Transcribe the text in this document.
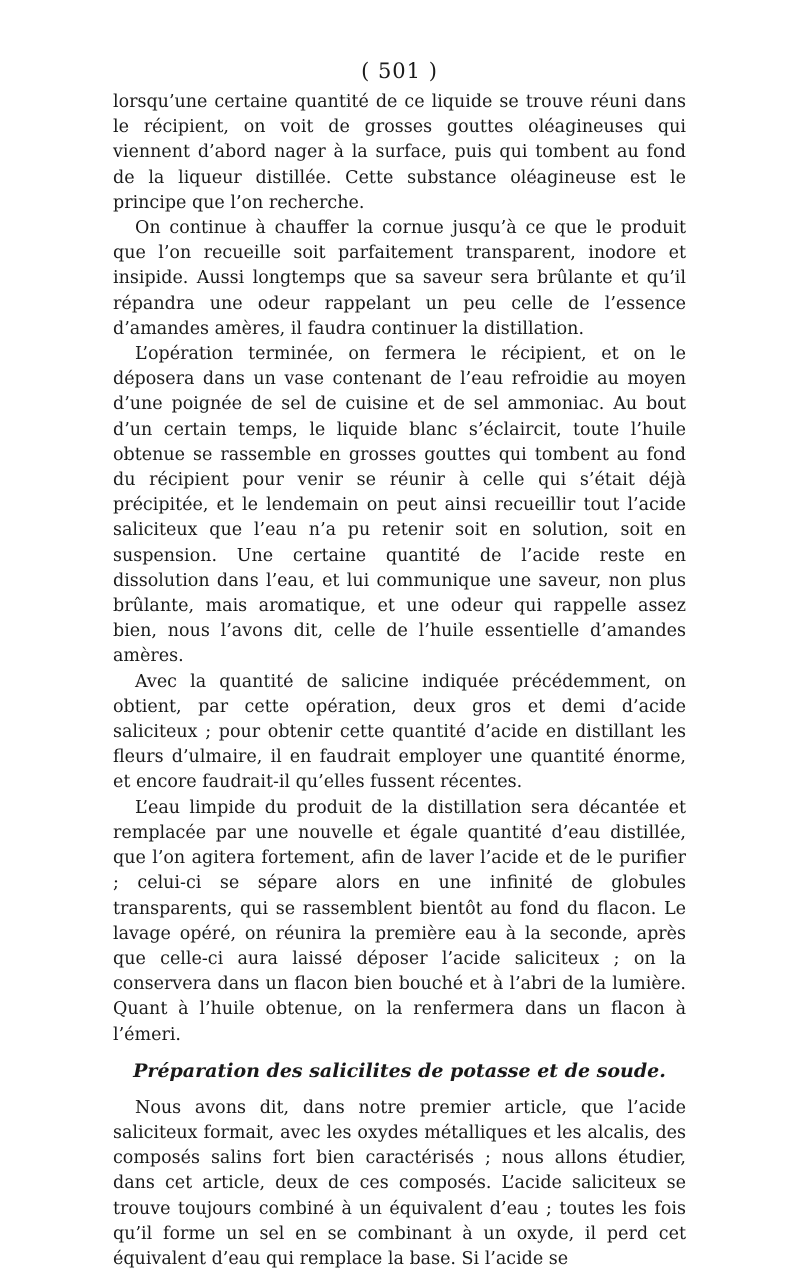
( 501 )

lorsqu’une certaine quantité de ce liquide se trouve réuni dans le récipient, on voit de grosses gouttes oléagineuses qui viennent d’abord nager à la surface, puis qui tombent au fond de la liqueur distillée. Cette substance oléagineuse est le principe que l’on recherche.

On continue à chauffer la cornue jusqu’à ce que le produit que l’on recueille soit parfaitement transparent, inodore et insipide. Aussi longtemps que sa saveur sera brûlante et qu’il répandra une odeur rappelant un peu celle de l’essence d’amandes amères, il faudra continuer la distillation.

L’opération terminée, on fermera le récipient, et on le déposera dans un vase contenant de l’eau refroidie au moyen d’une poignée de sel de cuisine et de sel ammoniac. Au bout d’un certain temps, le liquide blanc s’éclaircit, toute l’huile obtenue se rassemble en grosses gouttes qui tombent au fond du récipient pour venir se réunir à celle qui s’était déjà précipitée, et le lendemain on peut ainsi recueillir tout l’acide saliciteux que l’eau n’a pu retenir soit en solution, soit en suspension. Une certaine quantité de l’acide reste en dissolution dans l’eau, et lui communique une saveur, non plus brûlante, mais aromatique, et une odeur qui rappelle assez bien, nous l’avons dit, celle de l’huile essentielle d’amandes amères.

Avec la quantité de salicine indiquée précédemment, on obtient, par cette opération, deux gros et demi d’acide saliciteux ; pour obtenir cette quantité d’acide en distillant les fleurs d’ulmaire, il en faudrait employer une quantité énorme, et encore faudrait-il qu’elles fussent récentes.

L’eau limpide du produit de la distillation sera décantée et remplacée par une nouvelle et égale quantité d’eau distillée, que l’on agitera fortement, afin de laver l’acide et de le purifier ; celui-ci se sépare alors en une infinité de globules transparents, qui se rassemblent bientôt au fond du flacon. Le lavage opéré, on réunira la première eau à la seconde, après que celle-ci aura laissé déposer l’acide saliciteux ; on la conservera dans un flacon bien bouché et à l’abri de la lumière. Quant à l’huile obtenue, on la renfermera dans un flacon à l’émeri.

Préparation des salicilites de potasse et de soude.

Nous avons dit, dans notre premier article, que l’acide saliciteux formait, avec les oxydes métalliques et les alcalis, des composés salins fort bien caractérisés ; nous allons étudier, dans cet article, deux de ces composés. L’acide saliciteux se trouve toujours combiné à un équivalent d’eau ; toutes les fois qu’il forme un sel en se combinant à un oxyde, il perd cet équivalent d’eau qui remplace la base. Si l’acide se
